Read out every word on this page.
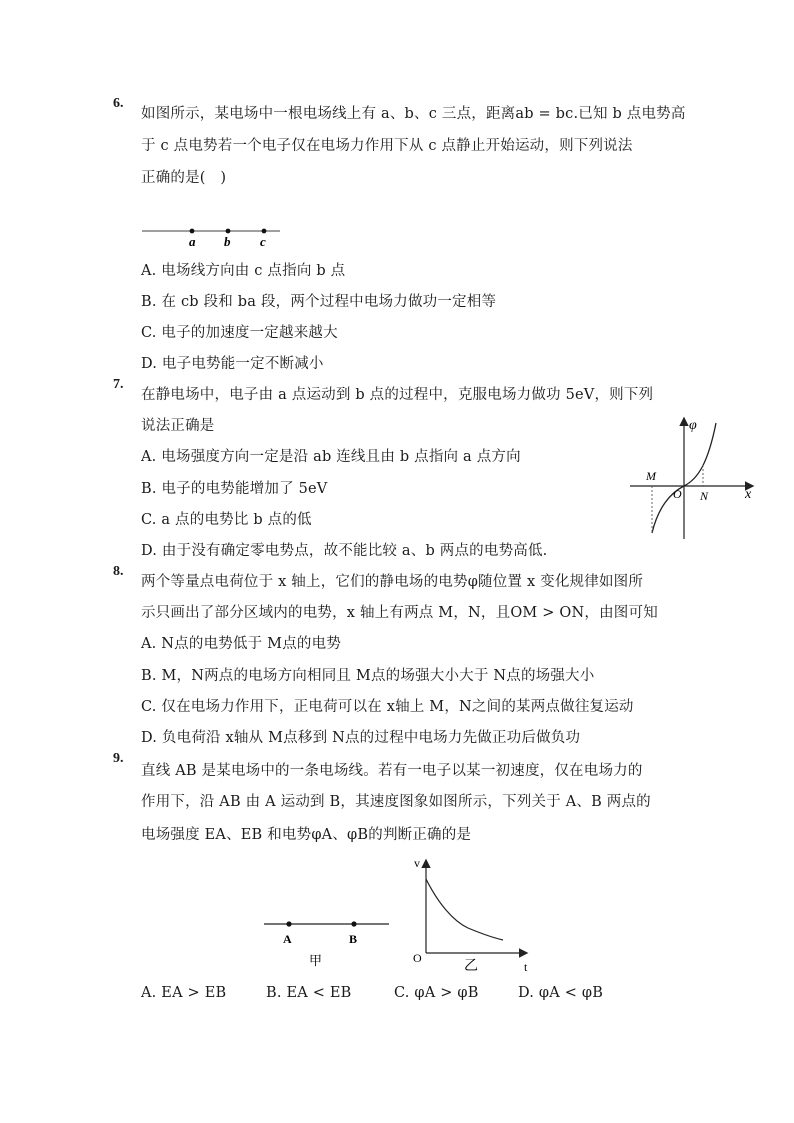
6.
如图所示，某电场中一根电场线上有 a、b、c 三点，距离ab = bc.已知 b 点电势高
于 c 点电势若一个电子仅在电场力作用下从 c 点静止开始运动，则下列说法
正确的是(　)
a b c
A. 电场线方向由 c 点指向 b 点
B. 在 cb 段和 ba 段，两个过程中电场力做功一定相等
C. 电子的加速度一定越来越大
D. 电子电势能一定不断减小
7.
在静电场中，电子由 a 点运动到 b 点的过程中，克服电场力做功 5eV，则下列
说法正确是
A. 电场强度方向一定是沿 ab 连线且由 b 点指向 a 点方向
B. 电子的电势能增加了 5eV
C. a 点的电势比 b 点的低
D. 由于没有确定零电势点，故不能比较 a、b 两点的电势高低.
φ
x
M
O N
8.
两个等量点电荷位于 x 轴上，它们的静电场的电势φ随位置 x 变化规律如图所
示只画出了部分区域内的电势，x 轴上有两点 M，N，且OM > ON，由图可知
A. N点的电势低于 M点的电势
B. M，N两点的电场方向相同且 M点的场强大小大于 N点的场强大小
C. 仅在电场力作用下，正电荷可以在 x轴上 M，N之间的某两点做往复运动
D. 负电荷沿 x轴从 M点移到 N点的过程中电场力先做正功后做负功
9.
直线 AB 是某电场中的一条电场线。若有一电子以某一初速度，仅在电场力的
作用下，沿 AB 由 A 运动到 B，其速度图象如图所示，下列关于 A、B 两点的
电场强度 EA、EB 和电势φA、φB的判断正确的是
A	B
甲
v
O
t
乙
A. EA > EB	B. EA < EB	C. φA > φB	D. φA < φB
